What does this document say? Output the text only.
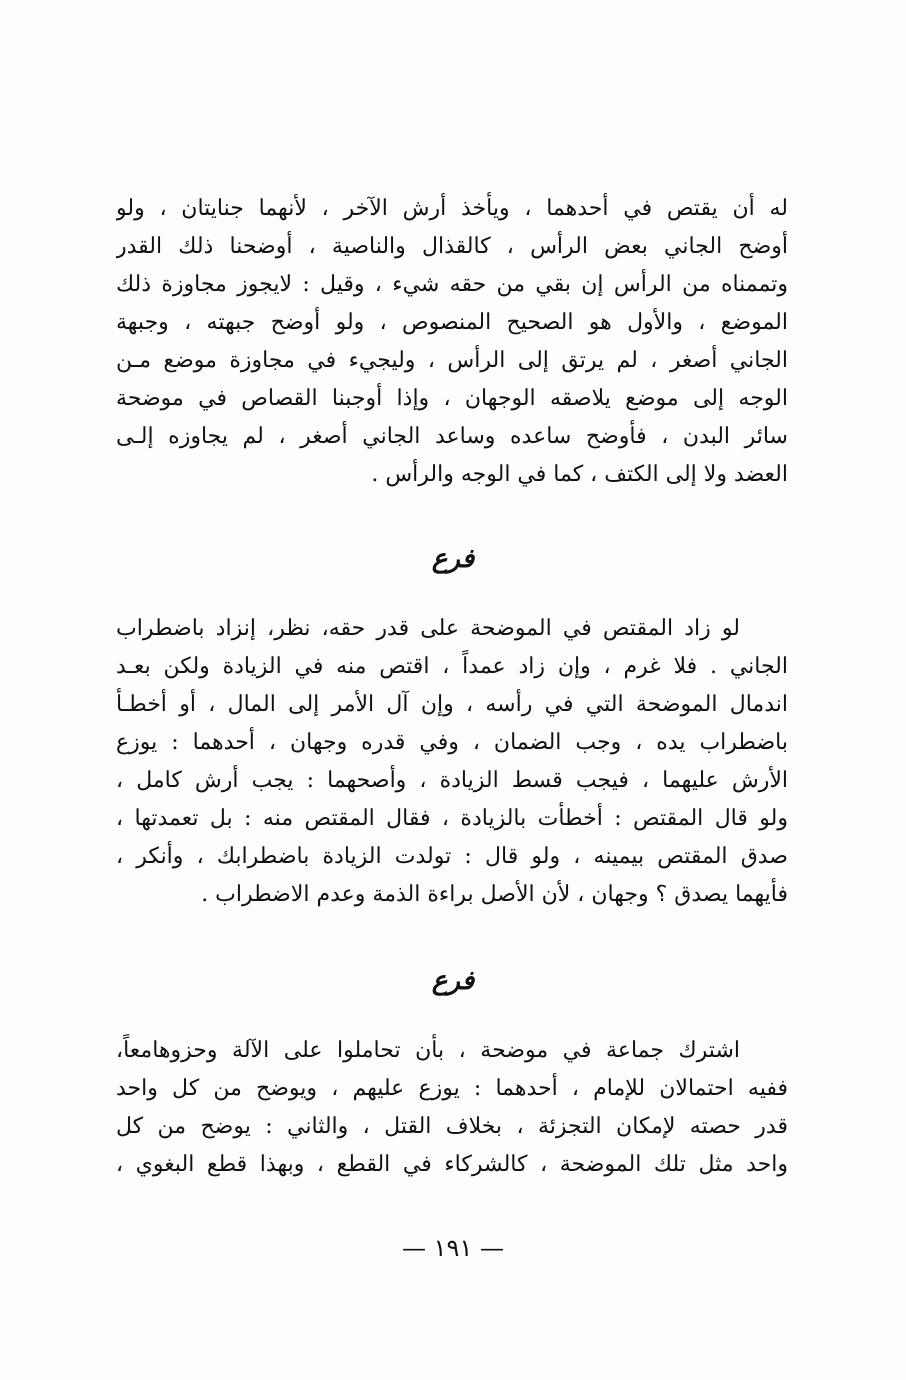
له أن يقتص في أحدهما ، ويأخذ أرش الآخر ، لأنهما جنايتان ، ولو
أوضح الجاني بعض الرأس ، كالقذال والناصية ، أوضحنا ذلك القدر
وتممناه من الرأس إن بقي من حقه شيء ، وقيل : لايجوز مجاوزة ذلك
الموضع ، والأول هو الصحيح المنصوص ، ولو أوضح جبهته ، وجبهة
الجاني أصغر ، لم يرتق إلى الرأس ، وليجيء في مجاوزة موضع مـن
الوجه إلى موضع يلاصقه الوجهان ، وإذا أوجبنا القصاص في موضحة
سائر البدن ، فأوضح ساعده وساعد الجاني أصغر ، لم يجاوزه إلـى
العضد ولا إلى الكتف ، كما في الوجه والرأس .
فرع
لو زاد المقتص في الموضحة على قدر حقه، نظر، إنزاد باضطراب
الجاني . فلا غرم ، وإن زاد عمداً ، اقتص منه في الزيادة ولكن بعـد
اندمال الموضحة التي في رأسه ، وإن آل الأمر إلى المال ، أو أخطـأ
باضطراب يده ، وجب الضمان ، وفي قدره وجهان ، أحدهما : يوزع
الأرش عليهما ، فيجب قسط الزيادة ، وأصحهما : يجب أرش كامل ،
ولو قال المقتص : أخطأت بالزيادة ، فقال المقتص منه : بل تعمدتها ،
صدق المقتص بيمينه ، ولو قال : تولدت الزيادة باضطرابك ، وأنكر ،
فأيهما يصدق ؟ وجهان ، لأن الأصل براءة الذمة وعدم الاضطراب .
فرع
اشترك جماعة في موضحة ، بأن تحاملوا على الآلة وحزوهامعاً،
ففيه احتمالان للإمام ، أحدهما : يوزع عليهم ، ويوضح من كل واحد
قدر حصته لإمكان التجزئة ، بخلاف القتل ، والثاني : يوضح من كل
واحد مثل تلك الموضحة ، كالشركاء في القطع ، وبهذا قطع البغوي ،
— ١٩١ —
